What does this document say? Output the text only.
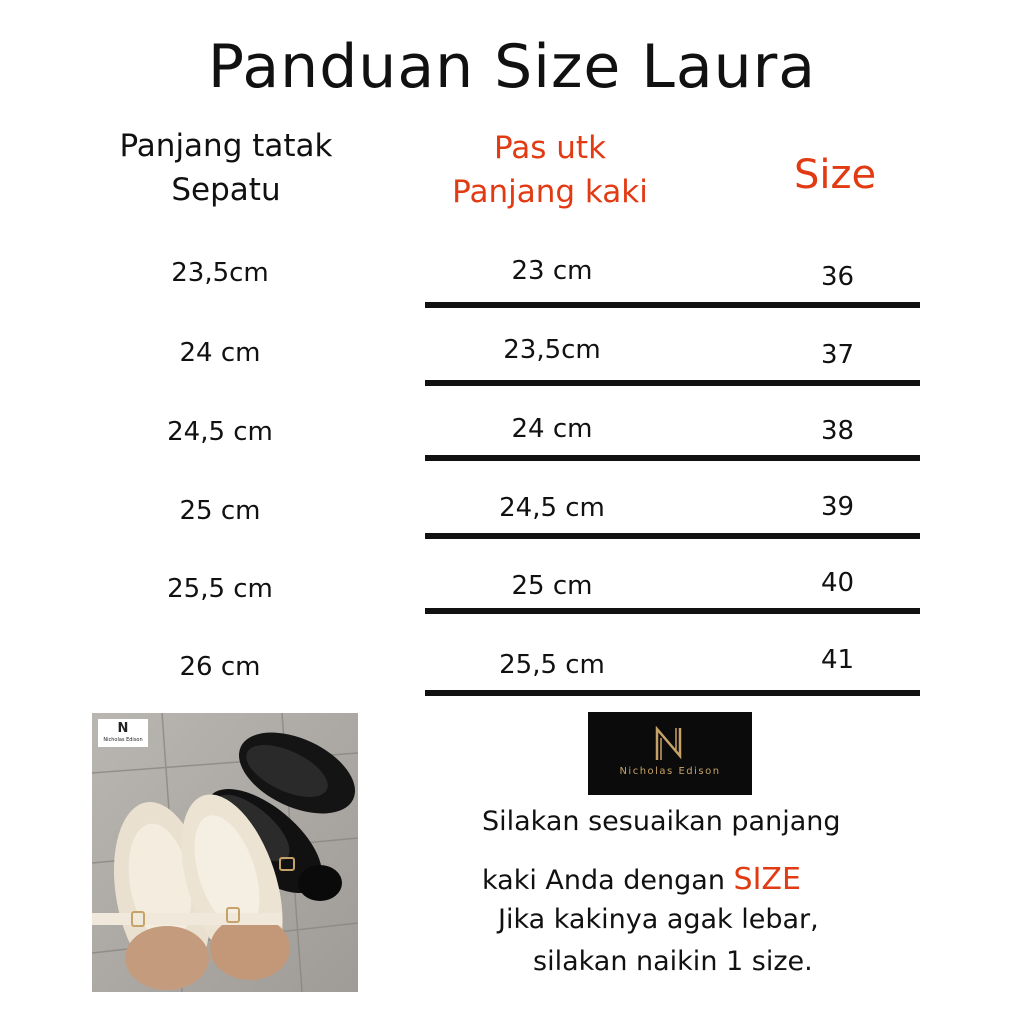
Panduan Size Laura
Panjang tatak
Sepatu
Pas utk
Panjang kaki	Size
23,5cm	23 cm	36
24 cm	23,5cm	37
24,5 cm	24 cm	38
25 cm	24,5 cm	39
25,5 cm	25 cm	40
26 cm	25,5 cm	41
N
Nicholas Edison
Nicholas Edison
Silakan sesuaikan panjang
kaki Anda dengan SIZE
Jika kakinya agak lebar,
silakan naikin 1 size.
